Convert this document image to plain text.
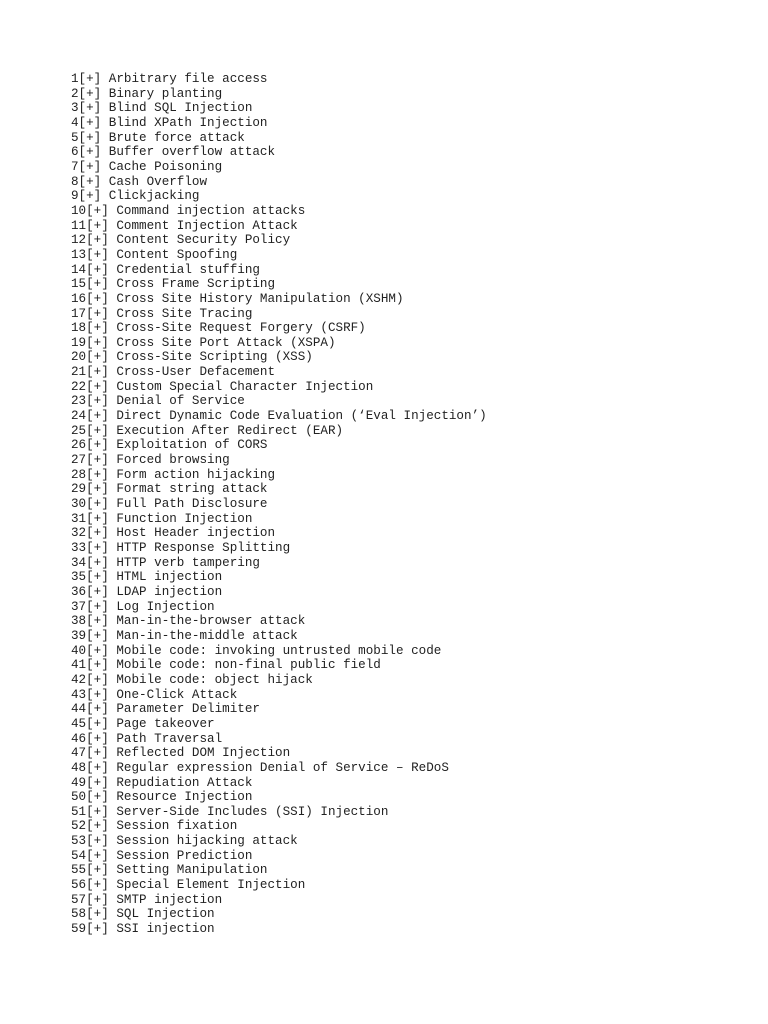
1[+] Arbitrary file access
2[+] Binary planting
3[+] Blind SQL Injection
4[+] Blind XPath Injection
5[+] Brute force attack
6[+] Buffer overflow attack
7[+] Cache Poisoning
8[+] Cash Overflow
9[+] Clickjacking
10[+] Command injection attacks
11[+] Comment Injection Attack
12[+] Content Security Policy
13[+] Content Spoofing
14[+] Credential stuffing
15[+] Cross Frame Scripting
16[+] Cross Site History Manipulation (XSHM)
17[+] Cross Site Tracing
18[+] Cross-Site Request Forgery (CSRF)
19[+] Cross Site Port Attack (XSPA)
20[+] Cross-Site Scripting (XSS)
21[+] Cross-User Defacement
22[+] Custom Special Character Injection
23[+] Denial of Service
24[+] Direct Dynamic Code Evaluation (‘Eval Injection’)
25[+] Execution After Redirect (EAR)
26[+] Exploitation of CORS
27[+] Forced browsing
28[+] Form action hijacking
29[+] Format string attack
30[+] Full Path Disclosure
31[+] Function Injection
32[+] Host Header injection
33[+] HTTP Response Splitting
34[+] HTTP verb tampering
35[+] HTML injection
36[+] LDAP injection
37[+] Log Injection
38[+] Man-in-the-browser attack
39[+] Man-in-the-middle attack
40[+] Mobile code: invoking untrusted mobile code
41[+] Mobile code: non-final public field
42[+] Mobile code: object hijack
43[+] One-Click Attack
44[+] Parameter Delimiter
45[+] Page takeover
46[+] Path Traversal
47[+] Reflected DOM Injection
48[+] Regular expression Denial of Service – ReDoS
49[+] Repudiation Attack
50[+] Resource Injection
51[+] Server-Side Includes (SSI) Injection
52[+] Session fixation
53[+] Session hijacking attack
54[+] Session Prediction
55[+] Setting Manipulation
56[+] Special Element Injection
57[+] SMTP injection
58[+] SQL Injection
59[+] SSI injection
